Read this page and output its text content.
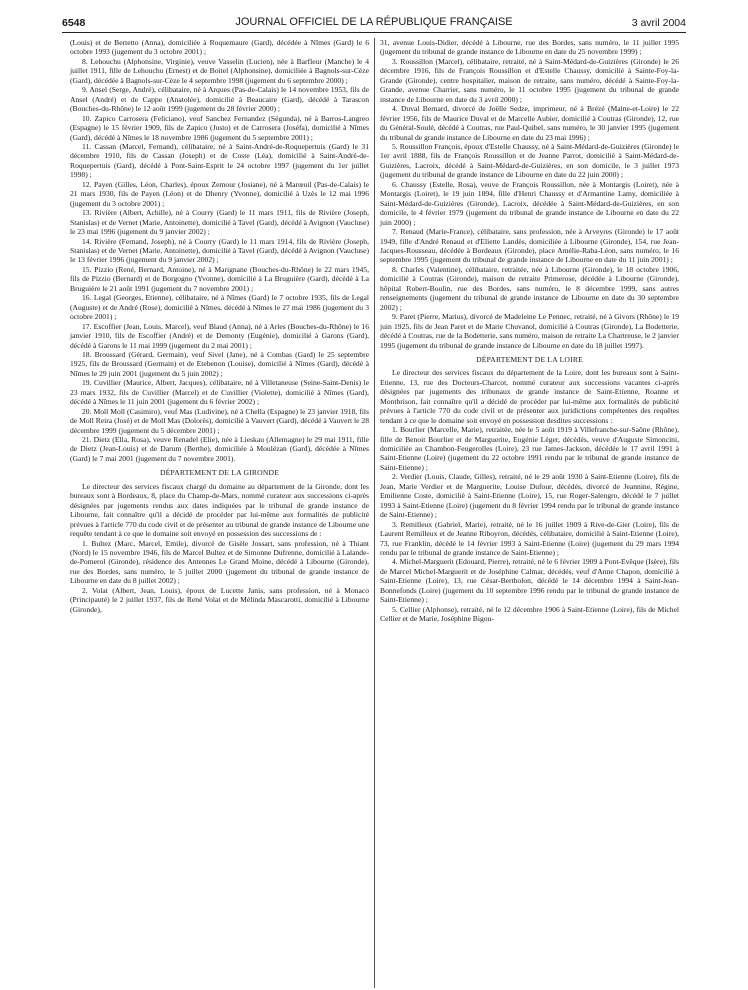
6548	JOURNAL OFFICIEL DE LA RÉPUBLIQUE FRANÇAISE	3 avril 2004

(Louis) et de Bertetto (Anna), domiciliée à Roquemaure (Gard), décédée à Nîmes (Gard) le 6 octobre 1993 (jugement du 3 octobre 2001) ;

8. Lehouchu (Alphonsine, Virginie), veuve Vasselin (Lucien), née à Barfleur (Manche) le 4 juillet 1911, fille de Lehouchu (Ernest) et de Boitel (Alphonsine), domiciliée à Bagnols-sur-Cèze (Gard), décédée à Bagnols-sur-Cèze le 4 septembre 1998 (jugement du 6 septembre 2000) ;

9. Ansel (Serge, André), célibataire, né à Arques (Pas-de-Calais) le 14 novembre 1953, fils de Ansel (André) et de Cappe (Anatolée), domicilié à Beaucaire (Gard), décédé à Tarascon (Bouches-du-Rhône) le 12 août 1999 (jugement du 28 février 2000) ;

10. Zapico Carrosera (Feliciano), veuf Sanchez Fernandez (Ségunda), né à Barros-Langreo (Espagne) le 15 février 1909, fils de Zapico (Justo) et de Carrosera (Joséfa), domicilié à Nîmes (Gard), décédé à Nîmes le 18 novembre 1986 (jugement du 5 septembre 2001) ;

11. Cassan (Marcel, Fernand), célibataire, né à Saint-André-de-Roquepertuis (Gard) le 31 décembre 1910, fils de Cassan (Joseph) et de Coste (Léa), domicilié à Saint-André-de-Roquepertuis (Gard), décédé à Pont-Saint-Esprit le 24 octobre 1997 (jugement du 1er juillet 1998) ;

12. Payen (Gilles, Léon, Charles), époux Zemour (Josiane), né à Marœuil (Pas-de-Calais) le 21 mars 1930, fils de Payen (Léon) et de Dhenry (Yvonne), domicilié à Uzès le 12 mai 1996 (jugement du 3 octobre 2001) ;

13. Rivière (Albert, Achille), né à Courry (Gard) le 11 mars 1911, fils de Rivière (Joseph, Stanislas) et de Vernet (Marie, Antoinette), domicilié à Tavel (Gard), décédé à Avignon (Vaucluse) le 23 mai 1996 (jugement du 9 janvier 2002) ;

14. Rivière (Fernand, Joseph), né à Courry (Gard) le 11 mars 1914, fils de Rivière (Joseph, Stanislas) et de Vernet (Marie, Antoinette), domicilié à Tavel (Gard), décédé à Avignon (Vaucluse) le 13 février 1996 (jugement du 9 janvier 2002) ;

15. Pizzio (René, Bernard, Antoine), né à Marignane (Bouches-du-Rhône) le 22 mars 1945, fils de Pizzio (Bernard) et de Borgogno (Yvonne), domicilié à La Bruguière (Gard), décédé à La Bruguière le 21 août 1991 (jugement du 7 novembre 2001) ;

16. Legal (Georges, Etienne), célibataire, né à Nîmes (Gard) le 7 octobre 1935, fils de Legal (Auguste) et de André (Rose), domicilié à Nîmes, décédé à Nîmes le 27 mai 1986 (jugement du 3 octobre 2001) ;

17. Escoffier (Jean, Louis, Marcel), veuf Blaud (Anna), né à Arles (Bouches-du-Rhône) le 16 janvier 1910, fils de Escoffier (André) et de Demonty (Eugénie), domicilié à Garons (Gard), décédé à Garons le 11 mai 1999 (jugement du 2 mai 2001) ;

18. Broussard (Gérard, Germain), veuf Sivel (Jane), né à Combas (Gard) le 25 septembre 1925, fils de Broussard (Germain) et de Etebenon (Louise), domicilié à Nîmes (Gard), décédé à Nîmes le 29 juin 2001 (jugement du 5 juin 2002) ;

19. Cuvillier (Maurice, Albert, Jacques), célibataire, né à Villetaneuse (Seine-Saint-Denis) le 23 mars 1932, fils de Cuvillier (Marcel) et de Cuvillier (Violette), domicilié à Nîmes (Gard), décédé à Nîmes le 11 juin 2001 (jugement du 6 février 2002) ;

20. Moll Moll (Casimiro), veuf Mas (Ludivine), né à Chella (Espagne) le 23 janvier 1918, fils de Moll Reira (José) et de Moll Mas (Dolorès), domicilié à Vauvert (Gard), décédé à Vauvert le 28 décembre 1999 (jugement du 5 décembre 2001) ;

21. Dietz (Ella, Rosa), veuve Renadel (Elie), née à Lieskau (Allemagne) le 29 mai 1911, fille de Dietz (Jean-Louis) et de Darum (Berthe), domiciliée à Moulézan (Gard), décédée à Nîmes (Gard) le 7 mai 2001 (jugement du 7 novembre 2001).

DÉPARTEMENT DE LA GIRONDE

Le directeur des services fiscaux chargé du domaine au département de la Gironde, dont les bureaux sont à Bordeaux, 8, place du Champ-de-Mars, nommé curateur aux successions ci-après désignées par jugements rendus aux dates indiquées par le tribunal de grande instance de Libourne, fait connaître qu'il a décidé de procéder par lui-même aux formalités de publicité prévues à l'article 770 du code civil et de présenter au tribunal de grande instance de Libourne une requête tendant à ce que le domaine soit envoyé en possession des successions de :

1. Bultez (Marc, Marcel, Emile), divorcé de Gisèle Jossart, sans profession, né à Thiant (Nord) le 15 novembre 1946, fils de Marcel Bultez et de Simonne Dufrenne, domicilié à Lalande-de-Pomerol (Gironde), résidence des Antennes Le Grand Moine, décédé à Libourne (Gironde), rue des Bordes, sans numéro, le 5 juillet 2000 (jugement du tribunal de grande instance de Libourne en date du 8 juillet 2002) ;

2. Volat (Albert, Jean, Louis), époux de Lucette Janis, sans profession, né à Monaco (Principauté) le 2 juillet 1937, fils de René Volat et de Mélinda Mascarotti, domicilié à Libourne (Gironde),

31, avenue Louis-Didier, décédé à Libourne, rue des Bordes, sans numéro, le 11 juillet 1995 (jugement du tribunal de grande instance de Libourne en date du 25 novembre 1999) ;

3. Roussillon (Marcel), célibataire, retraité, né à Saint-Médard-de-Guizières (Gironde) le 26 décembre 1916, fils de François Roussillon et d'Estelle Chaussy, domicilié à Sainte-Foy-la-Grande (Gironde), centre hospitalier, maison de retraite, sans numéro, décédé à Sainte-Foy-la-Grande, avenue Charrier, sans numéro, le 11 octobre 1995 (jugement du tribunal de grande instance de Libourne en date du 3 avril 2000) ;

4. Duval Bernard, divorcé de Joëlle Sedze, imprimeur, né à Brézé (Maine-et-Loire) le 22 février 1956, fils de Maurice Duval et de Marcelle Aubier, domicilié à Coutras (Gironde), 12, rue du Général-Soulé, décédé à Coutras, rue Paul-Quibel, sans numéro, le 30 janvier 1995 (jugement du tribunal de grande instance de Libourne en date du 23 mai 1996) ;

5. Roussillon François, époux d'Estelle Chaussy, né à Saint-Médard-de-Guizières (Gironde) le 1er avril 1888, fils de François Roussillon et de Jeanne Parrot, domicilié à Saint-Médard-de-Guizières, Lacroix, décédé à Saint-Médard-de-Guizières, en son domicile, le 3 juillet 1973 (jugement du tribunal de grande instance de Libourne en date du 22 juin 2000) ;

6. Chaussy (Estelle, Rosa), veuve de François Roussillon, née à Montargis (Loiret), née à Montargis (Loiret), le 19 juin 1894, fille d'Henri Chaussy et d'Armantine Lamy, domiciliée à Saint-Médard-de-Guizières (Gironde), Lacroix, décédée à Saint-Médard-de-Guizières, en son domicile, le 4 février 1979 (jugement du tribunal de grande instance de Libourne en date du 22 juin 2000) ;

7. Renaud (Marie-France), célibataire, sans profession, née à Arveyres (Gironde) le 17 août 1949, fille d'André Renaud et d'Eliette Landès, domiciliée à Libourne (Gironde), 154, rue Jean-Jacques-Rousseau, décédée à Bordeaux (Gironde), place Amélie-Raba-Léon, sans numéro, le 16 septembre 1995 (jugement du tribunal de grande instance de Libourne en date du 11 juin 2001) ;

8. Charles (Valentine), célibataire, retraitée, née à Libourne (Gironde), le 18 octobre 1906, domicilié à Coutras (Gironde), maison de retraite Primerose, décédée à Libourne (Gironde), hôpital Robert-Boulin, rue des Bordes, sans numéro, le 8 décembre 1999, sans autres renseignements (jugement du tribunal de grande instance de Libourne en date du 30 septembre 2002) ;

9. Paret (Pierre, Marius), divorcé de Madeleine Le Pennec, retraité, né à Givors (Rhône) le 19 juin 1925, fils de Jean Paret et de Marie Chuvanol, domicilié à Coutras (Gironde), La Bodetterie, décédé à Coutras, rue de la Bodetterie, sans numéro, maison de retraite La Chartreuse, le 2 janvier 1995 (jugement du tribunal de grande instance de Libourne en date du 18 juillet 1997).

DÉPARTEMENT DE LA LOIRE

Le directeur des services fiscaux du département de la Loire, dont les bureaux sont à Saint-Etienne, 13, rue des Docteurs-Charcot, nommé curateur aux successions vacantes ci-après désignées par jugements des tribunaux de grande instance de Saint-Etienne, Roanne et Montbrison, fait connaître qu'il a décidé de procéder par lui-même aux formalités de publicité prévues à l'article 770 du code civil et de présenter aux juridictions compétentes des requêtes tendant à ce que le domaine soit envoyé en possession desdites successions :

1. Bourlier (Marcelle, Marie), retraitée, née le 5 août 1919 à Villefranche-sur-Saône (Rhône), fille de Benoit Bourlier et de Marguerite, Eugénie Léger, décédés, veuve d'Auguste Simoncini, domiciliée au Chambon-Feugerolles (Loire), 23 rue James-Jackson, décédée le 17 avril 1991 à Saint-Etienne (Loire) (jugement du 22 octobre 1991 rendu par le tribunal de grande instance de Saint-Etienne) ;

2. Verdier (Louis, Claude, Gilles), retraité, né le 29 août 1930 à Saint-Etienne (Loire), fils de Jean, Marie Verdier et de Marguerite, Louise Dufour, décédés, divorcé de Jeannine, Régine, Emilienne Coste, domicilié à Saint-Etienne (Loire), 15, rue Roger-Salengro, décédé le 7 juillet 1993 à Saint-Etienne (Loire) (jugement du 8 février 1994 rendu par le tribunal de grande instance de Saint-Etienne) ;

3. Remilleux (Gabriel, Marie), retraité, né le 16 juillet 1909 à Rive-de-Gier (Loire), fils de Laurent Remilleux et de Jeanne Riboyron, décédés, célibataire, domicilié à Saint-Etienne (Loire), 73, rue Franklin, décédé le 14 février 1993 à Saint-Etienne (Loire) (jugement du 29 mars 1994 rendu par le tribunal de grande instance de Saint-Etienne) ;

4. Michel-Marguerit (Edouard, Pierre), retraité, né le 6 février 1909 à Pont-Evêque (Isère), fils de Marcel Michel-Marguerit et de Joséphine Calmar, décédés, veuf d'Anne Chapon, domicilié à Saint-Etienne (Loire), 13, rue César-Bertholon, décédé le 14 décembre 1994 à Saint-Jean-Bonnefonds (Loire) (jugement du 10 septembre 1996 rendu par le tribunal de grande instance de Saint-Etienne) ;

5. Cellier (Alphonse), retraité, né le 12 décembre 1906 à Saint-Etienne (Loire), fils de Michel Cellier et de Marie, Joséphine Bigou-
